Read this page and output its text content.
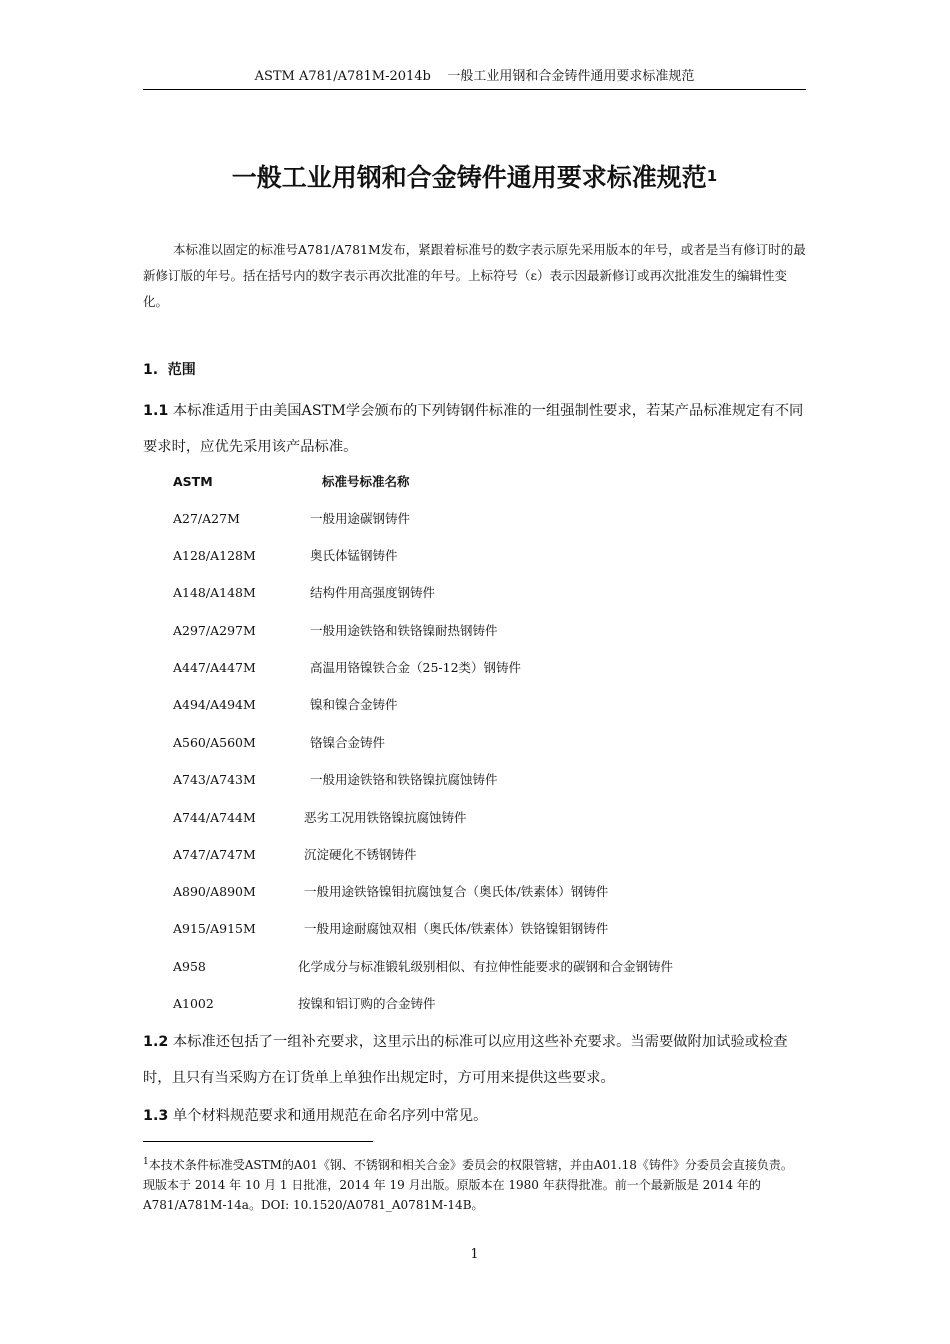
ASTM A781/A781M-2014b    一般工业用钢和合金铸件通用要求标准规范
一般工业用钢和合金铸件通用要求标准规范$^1$
本标准以固定的标准号A781/A781M发布，紧跟着标准号的数字表示原先采用版本的年号，或者是当有修订时的最新修订版的年号。括在括号内的数字表示再次批准的年号。上标符号（ε）表示因最新修订或再次批准发生的编辑性变化。
1.  范围
1.1 本标准适用于由美国ASTM学会颁布的下列铸钢件标准的一组强制性要求，若某产品标准规定有不同要求时，应优先采用该产品标准。
ASTM	标准号标准名称
A27/A27M	一般用途碳钢铸件
A128/A128M	奥氏体锰钢铸件
A148/A148M	结构件用高强度钢铸件
A297/A297M	一般用途铁铬和铁铬镍耐热钢铸件
A447/A447M	高温用铬镍铁合金（25-12类）钢铸件
A494/A494M	镍和镍合金铸件
A560/A560M	铬镍合金铸件
A743/A743M	一般用途铁铬和铁铬镍抗腐蚀铸件
A744/A744M	恶劣工况用铁铬镍抗腐蚀铸件
A747/A747M	沉淀硬化不锈钢铸件
A890/A890M	一般用途铁铬镍钼抗腐蚀复合（奥氏体/铁素体）钢铸件
A915/A915M	一般用途耐腐蚀双相（奥氏体/铁素体）铁铬镍钼钢铸件
A958	化学成分与标准锻轧级别相似、有拉伸性能要求的碳钢和合金钢铸件
A1002	按镍和铝订购的合金铸件
1.2 本标准还包括了一组补充要求，这里示出的标准可以应用这些补充要求。当需要做附加试验或检查时，且只有当采购方在订货单上单独作出规定时，方可用来提供这些要求。
1.3 单个材料规范要求和通用规范在命名序列中常见。
$^1$本技术条件标准受ASTM的A01《钢、不锈钢和相关合金》委员会的权限管辖，并由A01.18《铸件》分委员会直接负责。
现版本于 2014 年 10 月 1 日批准，2014 年 19 月出版。原版本在 1980 年获得批准。前一个最新版是 2014 年的 A781/A781M-14a。DOI: 10.1520/A0781_A0781M-14B。
1
